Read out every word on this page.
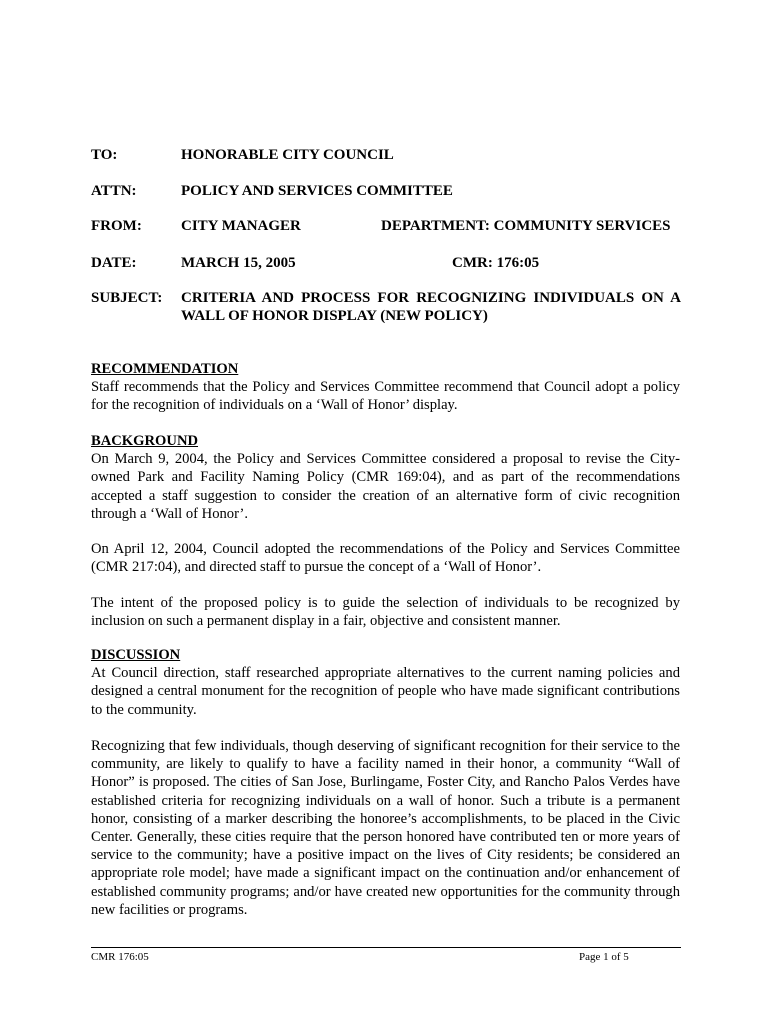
TO:	HONORABLE CITY COUNCIL
ATTN:	POLICY AND SERVICES COMMITTEE
FROM:	CITY MANAGER	DEPARTMENT: COMMUNITY SERVICES
DATE:	MARCH 15, 2005	CMR: 176:05
SUBJECT: CRITERIA AND PROCESS FOR RECOGNIZING INDIVIDUALS ON A WALL OF HONOR DISPLAY (NEW POLICY)

RECOMMENDATION

Staff recommends that the Policy and Services Committee recommend that Council adopt a policy for the recognition of individuals on a ‘Wall of Honor’ display.

BACKGROUND

On March 9, 2004, the Policy and Services Committee considered a proposal to revise the City-owned Park and Facility Naming Policy (CMR 169:04), and as part of the recommendations accepted a staff suggestion to consider the creation of an alternative form of civic recognition through a ‘Wall of Honor’.

On April 12, 2004, Council adopted the recommendations of the Policy and Services Committee (CMR 217:04), and directed staff to pursue the concept of a ‘Wall of Honor’.

The intent of the proposed policy is to guide the selection of individuals to be recognized by inclusion on such a permanent display in a fair, objective and consistent manner.

DISCUSSION

At Council direction, staff researched appropriate alternatives to the current naming policies and designed a central monument for the recognition of people who have made significant contributions to the community.

Recognizing that few individuals, though deserving of significant recognition for their service to the community, are likely to qualify to have a facility named in their honor, a community “Wall of Honor” is proposed. The cities of San Jose, Burlingame, Foster City, and Rancho Palos Verdes have established criteria for recognizing individuals on a wall of honor. Such a tribute is a permanent honor, consisting of a marker describing the honoree’s accomplishments, to be placed in the Civic Center. Generally, these cities require that the person honored have contributed ten or more years of service to the community; have a positive impact on the lives of City residents; be considered an appropriate role model; have made a significant impact on the continuation and/or enhancement of established community programs; and/or have created new opportunities for the community through new facilities or programs.

CMR 176:05	Page 1 of 5
